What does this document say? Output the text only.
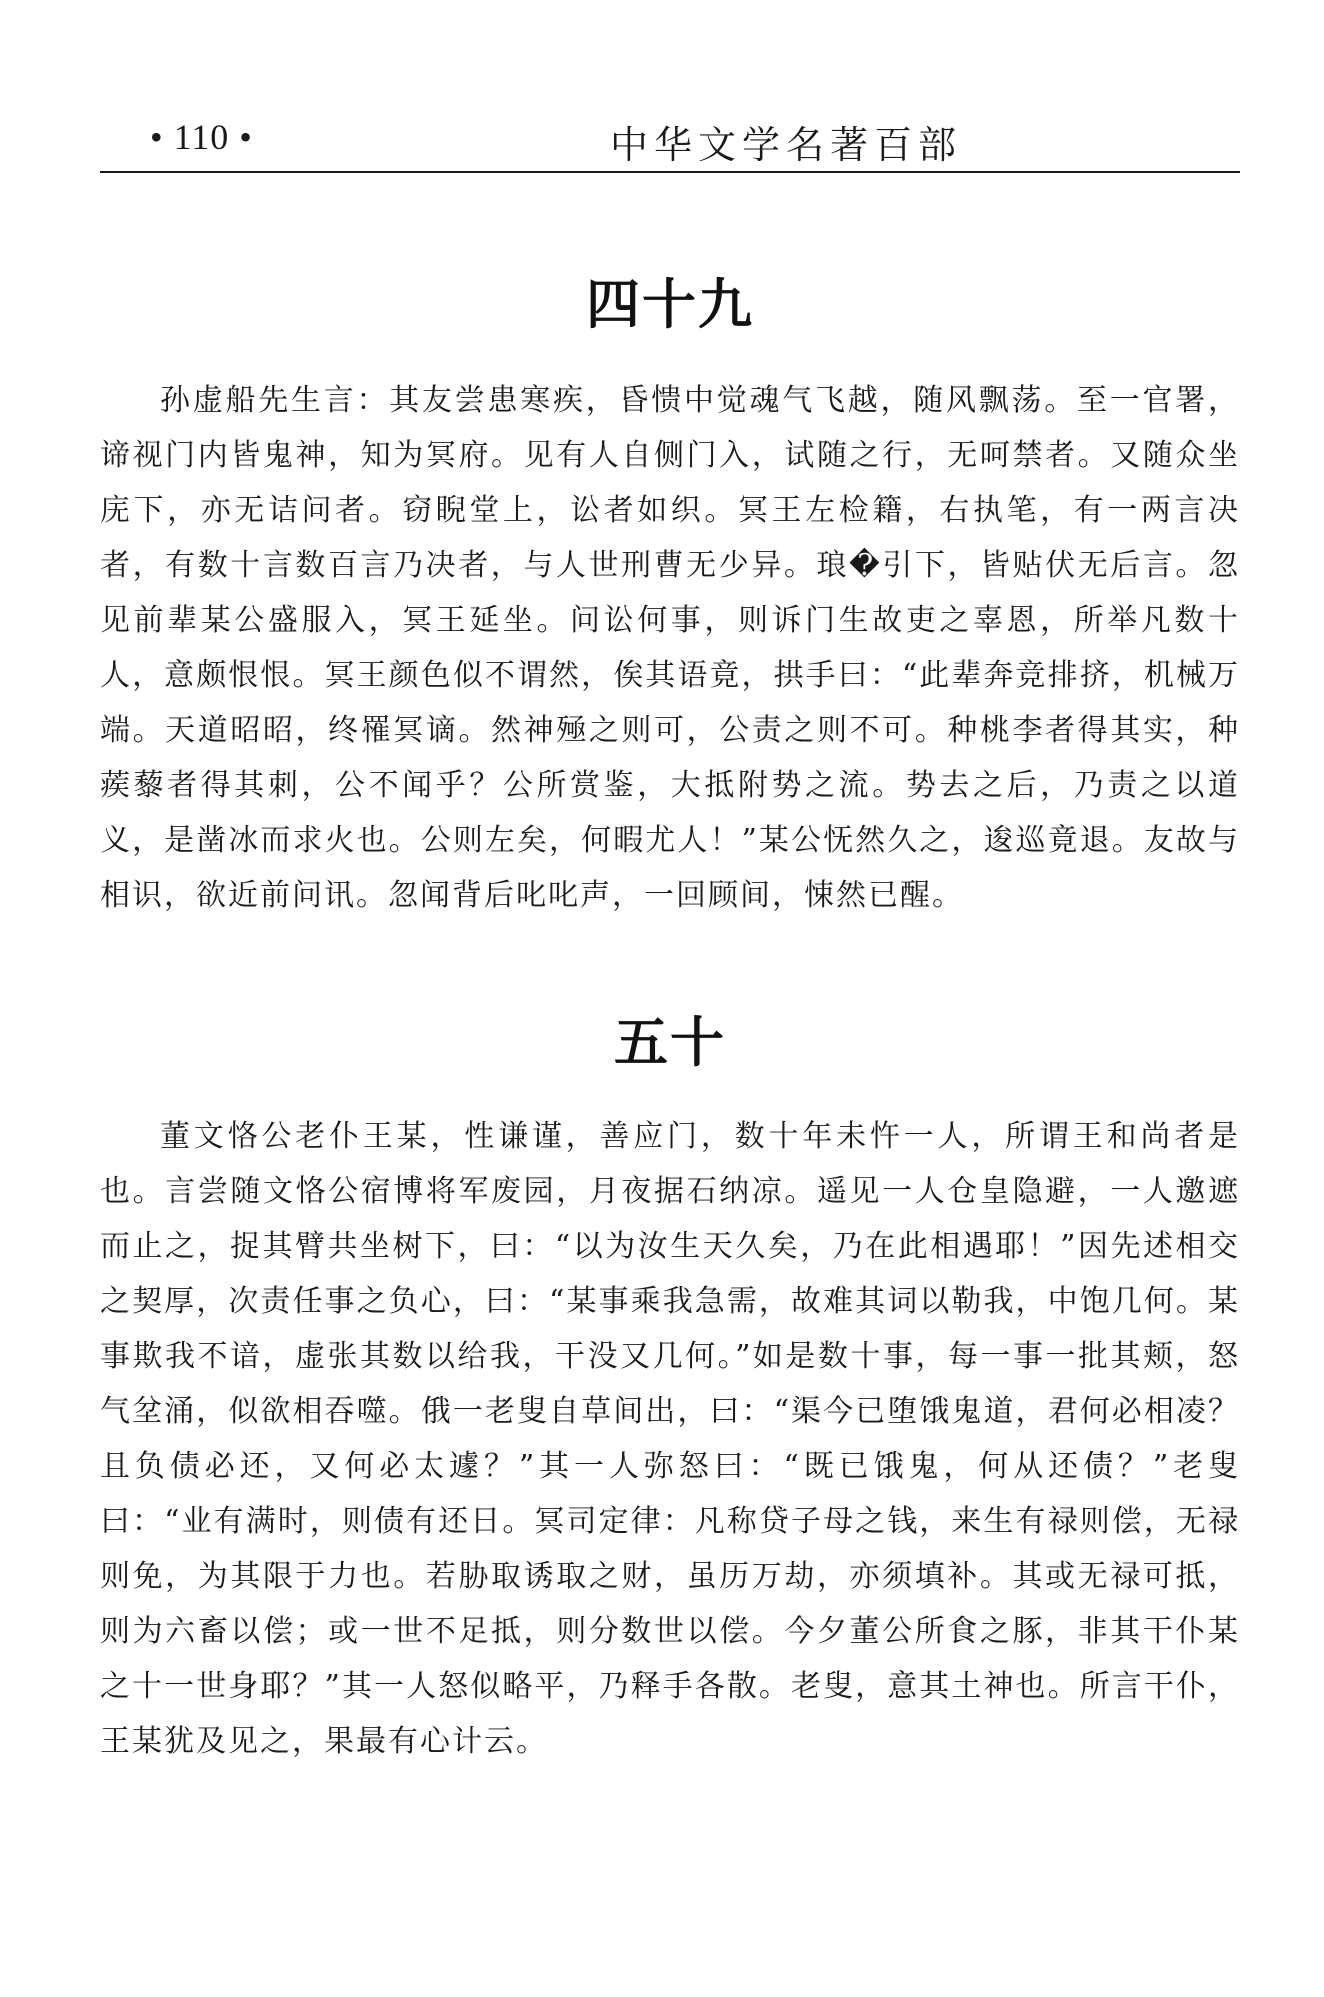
• 110 •	中华文学名著百部
四十九
孙虚船先生言：其友尝患寒疾，昏愦中觉魂气飞越，随风飘荡。至一官署，谛视门内皆鬼神，知为冥府。见有人自侧门入，试随之行，无呵禁者。又随众坐庑下，亦无诘问者。窃睨堂上，讼者如织。冥王左检籍，右执笔，有一两言决者，有数十言数百言乃决者，与人世刑曹无少异。琅�引下，皆贴伏无后言。忽见前辈某公盛服入，冥王延坐。问讼何事，则诉门生故吏之辜恩，所举凡数十人，意颇恨恨。冥王颜色似不谓然，俟其语竟，拱手曰：“此辈奔竞排挤，机械万端。天道昭昭，终罹冥谪。然神殛之则可，公责之则不可。种桃李者得其实，种蒺藜者得其刺，公不闻乎？公所赏鉴，大抵附势之流。势去之后，乃责之以道义，是凿冰而求火也。公则左矣，何暇尤人！”某公怃然久之，逡巡竟退。友故与相识，欲近前问讯。忽闻背后叱叱声，一回顾间，悚然已醒。
五十
董文恪公老仆王某，性谦谨，善应门，数十年未忤一人，所谓王和尚者是也。言尝随文恪公宿博将军废园，月夜据石纳凉。遥见一人仓皇隐避，一人邀遮而止之，捉其臂共坐树下，曰：“以为汝生天久矣，乃在此相遇耶！”因先述相交之契厚，次责任事之负心，曰：“某事乘我急需，故难其词以勒我，中饱几何。某事欺我不谙，虚张其数以给我，干没又几何。”如是数十事，每一事一批其颊，怒气坌涌，似欲相吞噬。俄一老叟自草间出，曰：“渠今已堕饿鬼道，君何必相凌？且负债必还，又何必太遽？”其一人弥怒曰：“既已饿鬼，何从还债？”老叟曰：“业有满时，则债有还日。冥司定律：凡称贷子母之钱，来生有禄则偿，无禄则免，为其限于力也。若胁取诱取之财，虽历万劫，亦须填补。其或无禄可抵，则为六畜以偿；或一世不足抵，则分数世以偿。今夕董公所食之豚，非其干仆某之十一世身耶？”其一人怒似略平，乃释手各散。老叟，意其土神也。所言干仆，王某犹及见之，果最有心计云。
